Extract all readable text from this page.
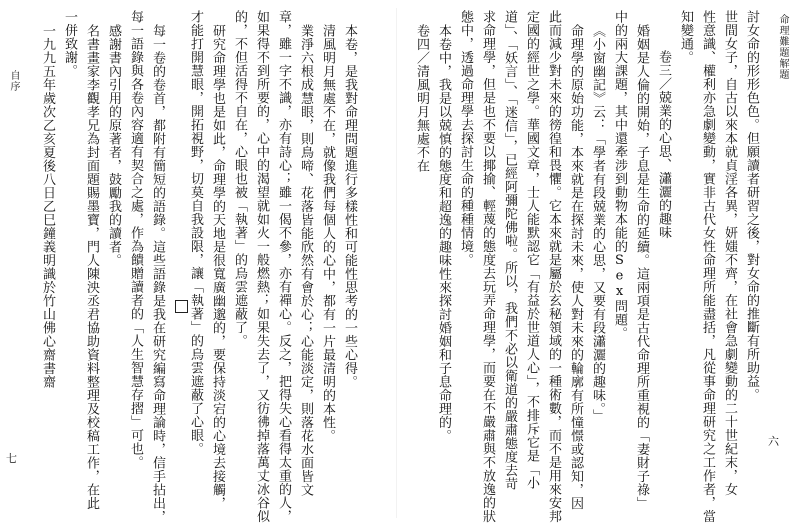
命理難題解題
六
討女命的形形色色。但願讀者研習之後，對女命的推斷有所助益。
世間女子，自古以來本就貞淫各異，妍媸不齊，在社會急劇變動的二十世紀末，女
性意識、權利亦急劇變動，實非古代女性命理所能盡括，凡從事命理研究之工作者，當
知變通。
卷三／兢業的心思、瀟灑的趣味
婚姻是人倫的開始，子息是生命的延續。這兩項是古代命理所重視的「妻財子祿」
中的兩大課題，其中還牽涉到動物本能的Sex問題。
《小窗幽記》云：「學者有段兢業的心思，又要有段瀟灑的趣味。」
命理學的原始功能，本來就是在探討未來，使人對未來的輪廓有所憧憬或認知，因
此而減少對未來的徬徨和畏懼。它本來就是屬於玄秘領域的一種術數，而不是用來安邦
定國的經世之學。華國文章，士人能默認它「有益於世道人心」，不排斥它是「小
道」、「妖言」、「迷信」，已經阿彌陀佛啦。所以，我們不必以衛道的嚴肅態度去苛
求命理學，但是也不要以揶揄、輕蔑的態度去玩弄命理學，而要在不嚴肅與不放逸的狀
態中，透過命理學去探討生命的種種情境。
本卷中，我是以兢慎的態度和超逸的趣味性來探討婚姻和子息命理的。
卷四／清風明月無處不在
本卷，是我對命理問題進行多樣性和可能性思考的一些心得。
清風明月無處不在，就像我們每個人的心中，都有一片最清明的本性。
業淨六根成慧眼，則鳥啼、花落皆能欣然有會於心；心能淡定，則落花水面皆文
章，雖一字不識，亦有詩心；雖一偈不參，亦有禪心。反之，把得失心看得太重的人，
如果得不到所要的，心中的渴望就如火一般燃熱；如果失去了，又彷彿掉落萬丈冰谷似
的，不但活得不自在，心眼也被「執著」的烏雲遮蔽了。
研究命理學也是如此，命理學的天地是很寬廣幽邈的，要保持淡宕的心境去接觸，
才能打開慧眼，開拓視野，切莫自我設限，讓「執著」的烏雲遮蔽了心眼。
每一卷的卷首，都附有簡短的語錄。這些語錄是我在研究編寫命理論時，信手拈出，
每一語錄與各卷內容適有契合之處，作為饋贈讀者的「人生智慧存摺」可也。
感謝書內引用的原著者，鼓勵我的讀者。
名書畫家李觀孝兄為封面題賜墨寶，門人陳泱丞君協助資料整理及校稿工作，在此
一併致謝。
一九九五年歲次乙亥夏後八日乙巳鐘義明識於竹山佛心齋書齋
自序
七
